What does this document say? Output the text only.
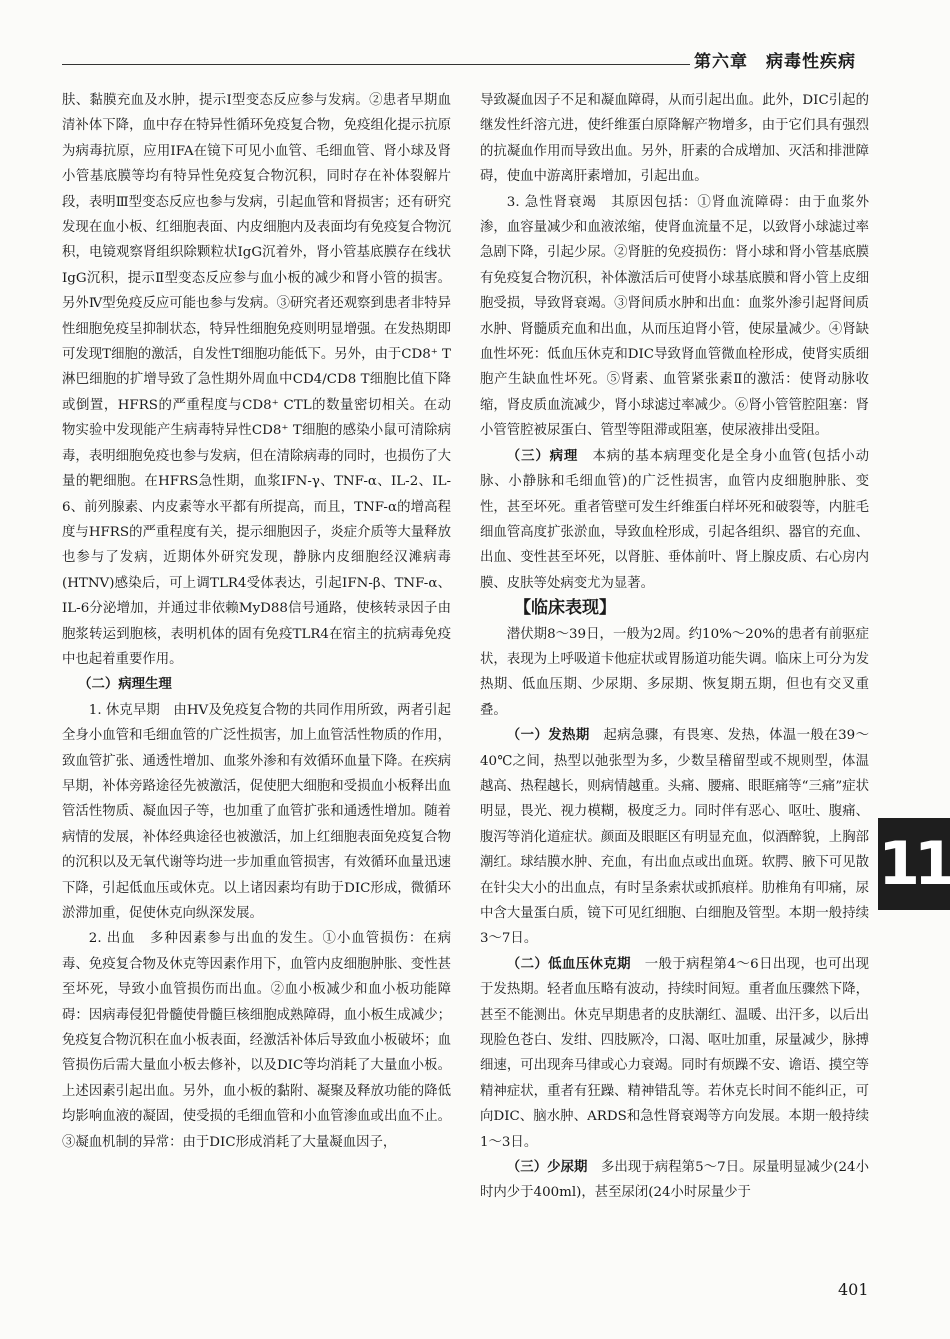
第六章　病毒性疾病

肤、黏膜充血及水肿，提示Ⅰ型变态反应参与发病。②患者早期血清补体下降，血中存在特异性循环免疫复合物，免疫组化提示抗原为病毒抗原，应用IFA在镜下可见小血管、毛细血管、肾小球及肾小管基底膜等均有特异性免疫复合物沉积，同时存在补体裂解片段，表明Ⅲ型变态反应也参与发病，引起血管和肾损害；还有研究发现在血小板、红细胞表面、内皮细胞内及表面均有免疫复合物沉积，电镜观察肾组织除颗粒状IgG沉着外，肾小管基底膜存在线状IgG沉积，提示Ⅱ型变态反应参与血小板的减少和肾小管的损害。另外Ⅳ型免疫反应可能也参与发病。③研究者还观察到患者非特异性细胞免疫呈抑制状态，特异性细胞免疫则明显增强。在发热期即可发现T细胞的激活，自发性T细胞功能低下。另外，由于CD8⁺ T淋巴细胞的扩增导致了急性期外周血中CD4/CD8 T细胞比值下降或倒置，HFRS的严重程度与CD8⁺ CTL的数量密切相关。在动物实验中发现能产生病毒特异性CD8⁺ T细胞的感染小鼠可清除病毒，表明细胞免疫也参与发病，但在清除病毒的同时，也损伤了大量的靶细胞。在HFRS急性期，血浆IFN-γ、TNF-α、IL-2、IL-6、前列腺素、内皮素等水平都有所提高，而且，TNF-α的增高程度与HFRS的严重程度有关，提示细胞因子，炎症介质等大量释放也参与了发病，近期体外研究发现，静脉内皮细胞经汉滩病毒(HTNV)感染后，可上调TLR4受体表达，引起IFN-β、TNF-α、IL-6分泌增加，并通过非依赖MyD88信号通路，使核转录因子由胞浆转运到胞核，表明机体的固有免疫TLR4在宿主的抗病毒免疫中也起着重要作用。

（二）病理生理

1. 休克早期　 由HV及免疫复合物的共同作用所致，两者引起全身小血管和毛细血管的广泛性损害，加上血管活性物质的作用，致血管扩张、通透性增加、血浆外渗和有效循环血量下降。在疾病早期，补体旁路途径先被激活，促使肥大细胞和受损血小板释出血管活性物质、凝血因子等，也加重了血管扩张和通透性增加。随着病情的发展，补体经典途径也被激活，加上红细胞表面免疫复合物的沉积以及无氧代谢等均进一步加重血管损害，有效循环血量迅速下降，引起低血压或休克。以上诸因素均有助于DIC形成，微循环淤滞加重，促使休克向纵深发展。

2. 出血　 多种因素参与出血的发生。①小血管损伤：在病毒、免疫复合物及休克等因素作用下，血管内皮细胞肿胀、变性甚至坏死，导致小血管损伤而出血。②血小板减少和血小板功能障碍：因病毒侵犯骨髓使骨髓巨核细胞成熟障碍，血小板生成减少；免疫复合物沉积在血小板表面，经激活补体后导致血小板破坏；血管损伤后需大量血小板去修补，以及DIC等均消耗了大量血小板。上述因素引起出血。另外，血小板的黏附、凝聚及释放功能的降低均影响血液的凝固，使受损的毛细血管和小血管渗血或出血不止。③凝血机制的异常：由于DIC形成消耗了大量凝血因子，

导致凝血因子不足和凝血障碍，从而引起出血。此外，DIC引起的继发性纤溶亢进，使纤维蛋白原降解产物增多，由于它们具有强烈的抗凝血作用而导致出血。另外，肝素的合成增加、灭活和排泄障碍，使血中游离肝素增加，引起出血。

3. 急性肾衰竭　 其原因包括：①肾血流障碍：由于血浆外渗，血容量减少和血液浓缩，使肾血流量不足，以致肾小球滤过率急剧下降，引起少尿。②肾脏的免疫损伤：肾小球和肾小管基底膜有免疫复合物沉积，补体激活后可使肾小球基底膜和肾小管上皮细胞受损，导致肾衰竭。③肾间质水肿和出血：血浆外渗引起肾间质水肿、肾髓质充血和出血，从而压迫肾小管，使尿量减少。④肾缺血性坏死：低血压休克和DIC导致肾血管微血栓形成，使肾实质细胞产生缺血性坏死。⑤肾素、血管紧张素Ⅱ的激活：使肾动脉收缩，肾皮质血流减少，肾小球滤过率减少。⑥肾小管管腔阻塞：肾小管管腔被尿蛋白、管型等阻滞或阻塞，使尿液排出受阻。

（三）病理　 本病的基本病理变化是全身小血管(包括小动脉、小静脉和毛细血管)的广泛性损害，血管内皮细胞肿胀、变性，甚至坏死。重者管壁可发生纤维蛋白样坏死和破裂等，内脏毛细血管高度扩张淤血，导致血栓形成，引起各组织、器官的充血、出血、变性甚至坏死，以肾脏、垂体前叶、肾上腺皮质、右心房内膜、皮肤等处病变尤为显著。

【临床表现】

潜伏期8～39日，一般为2周。约10%～20%的患者有前驱症状，表现为上呼吸道卡他症状或胃肠道功能失调。临床上可分为发热期、低血压期、少尿期、多尿期、恢复期五期，但也有交叉重叠。

（一）发热期　 起病急骤，有畏寒、发热，体温一般在39～40℃之间，热型以弛张型为多，少数呈稽留型或不规则型，体温越高、热程越长，则病情越重。头痛、腰痛、眼眶痛等“三痛”症状明显，畏光、视力模糊，极度乏力。同时伴有恶心、呕吐、腹痛、腹泻等消化道症状。颜面及眼眶区有明显充血，似酒醉貌，上胸部潮红。球结膜水肿、充血，有出血点或出血斑。软腭、腋下可见散在针尖大小的出血点，有时呈条索状或抓痕样。肋椎角有叩痛，尿中含大量蛋白质，镜下可见红细胞、白细胞及管型。本期一般持续3～7日。

（二）低血压休克期　 一般于病程第4～6日出现，也可出现于发热期。轻者血压略有波动，持续时间短。重者血压骤然下降，甚至不能测出。休克早期患者的皮肤潮红、温暖、出汗多，以后出现脸色苍白、发绀、四肢厥冷，口渴、呕吐加重，尿量减少，脉搏细速，可出现奔马律或心力衰竭。同时有烦躁不安、谵语、摸空等精神症状，重者有狂躁、精神错乱等。若休克长时间不能纠正，可向DIC、脑水肿、ARDS和急性肾衰竭等方向发展。本期一般持续1～3日。

（三）少尿期　 多出现于病程第5～7日。尿量明显减少(24小时内少于400ml)，甚至尿闭(24小时尿量少于

11
401
